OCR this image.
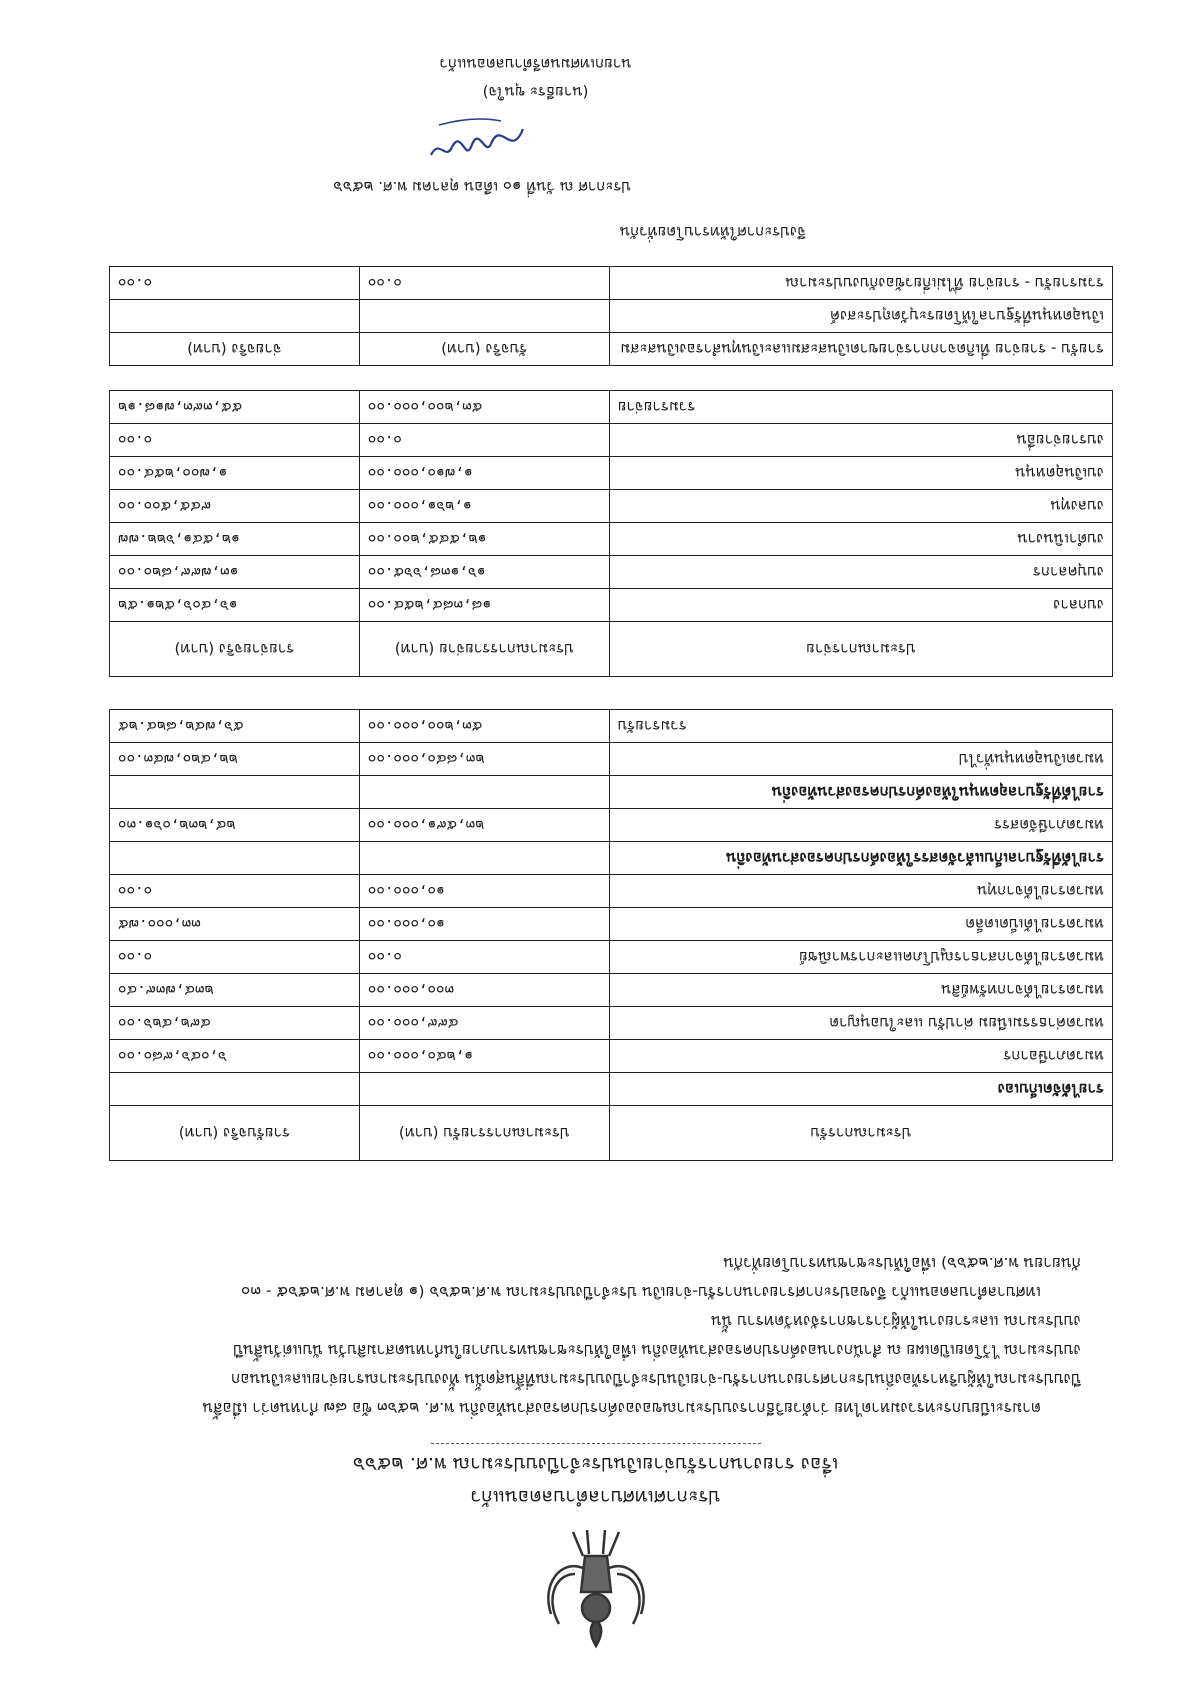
ประกาศเทศบาลตำบลดอนแก้ว
เรื่อง รายงานการรับจ่ายเงินประจำปีงบประมาณ พ.ศ. ๒๕๖๖

ตามระเบียบกระทรวงมหาดไทย ว่าด้วยวิธีการงบประมาณขององค์กรปกครองส่วนท้องถิ่น พ.ศ. ๒๕๖๓ ข้อ ๘๗ กำหนดว่า เมื่อสิ้น

ปีงบประมาณให้ผู้บริหารท้องถิ่นประกาศรายงานการรับ-จ่ายเงินประจำปีงบประมาณที่สิ้นสุดนั้น ทั้งงบประมาณรายจ่ายและเงินนอก

งบประมาณ ไว้โดยเปิดเผย ณ สำนักงานองค์กรปกครองส่วนท้องถิ่น เพื่อให้ประชาชนทราบภายในกำหนดสามสิบวัน นับแต่วันสิ้นปี

งบประมาณ และรายงานให้ผู้ว่าราชการจังหวัดทราบ นั้น

เทศบาลตำบลดอนแก้ว จึงขอประกาศรายงานการรับ-จ่ายเงิน ประจำปีงบประมาณ พ.ศ.๒๕๖๖ (๑ ตุลาคม พ.ศ.๒๕๖๕ - ๓๐

กันยายน พ.ศ.๒๕๖๖) เพื่อให้ประชาชนทราบโดยทั่วกัน

ประมาณการรับ	ประมาณการรายรับ (บาท)	รายรับจริง (บาท)
รายได้จัดเก็บเอง		
หมวดภาษีอากร	๑,๒๔๐,๐๐๐.๐๐	๖,๐๔๖,๙๘๐.๐๐
หมวดค่าธรรมเนียม ค่าปรับ และใบอนุญาต	๔๙๙,๐๐๐.๐๐	๔๙๒,๔๒๖.๐๐
หมวดรายได้จากทรัพย์สิน	๓๐๐,๐๐๐.๐๐	๒๓๔,๗๓๙.๔๐
หมวดรายได้จากสาธารณูปโภคและการพาณิชย์	๐.๐๐	๐.๐๐
หมวดรายได้เบ็ดเตล็ด	๑๐,๐๐๐.๐๐	๓๓,๐๐๐.๗๕
หมวดรายได้จากทุน	๑๐,๐๐๐.๐๐	๐.๐๐
รายได้ที่รัฐบาลเก็บแล้วจัดสรรให้องค์กรปกครองส่วนท้องถิ่น		
หมวดภาษีจัดสรร	๒๓,๕๙๑,๐๐๐.๐๐	๒๔,๒๓๒,๐๖๑.๓๐
รายได้ที่รัฐบาลอุดหนุนให้องค์กรปกครองส่วนท้องถิ่น		
หมวดเงินอุดหนุนทั่วไป	๒๓,๘๔๐,๐๐๐.๐๐	๒๒,๔๒๐,๗๔๓.๐๐
รวมรายรับ	๕๓,๒๐๐,๐๐๐.๐๐	๕๖,๗๔๒,๘๒๔.๒๕
ประมาณการจ่าย	ประมาณการรายจ่าย (บาท)	รายจ่ายจริง (บาท)
งบกลาง	๑๘,๓๘๔,๒๕๔.๐๐	๑๖,๔๐๖,๕๒๑.๕๒
งบบุคลากร	๑๖,๑๓๘,๖๖๕.๐๐	๑๓,๗๙๙,๘๒๐.๐๐
งบดำเนินงาน	๑๒,๕๔๕,๒๐๐.๐๐	๑๒,๕๔๑,๖๒๒.๗๗
งบลงทุน	๑,๒๖๑,๐๐๐.๐๐	๙๔๕,๕๐๐.๐๐
งบเงินอุดหนุน	๑,๗๑๐,๐๐๐.๐๐	๑,๗๐๐,๒๕๔.๐๐
งบรายจ่ายอื่น	๐.๐๐	๐.๐๐
รวมรายจ่าย	๕๓,๒๐๐,๐๐๐.๐๐	๕๕,๓๙๓,๗๑๘.๑๒
รายรับ - รายจ่าย ที่เกิดจากการจ่ายขาดเงินสะสมและเงินทุนสำรองเงินสะสม	รับจริง (บาท)	จ่ายจริง (บาท)
เงินอุดหนุนที่รัฐบาลให้โดยระบุวัตถุประสงค์		
รวมรายรับ - รายจ่าย ที่ไม่เกี่ยวข้องกับงบประมาณ	๐.๐๐	๐.๐๐
จึงประกาศให้ทราบโดยทั่วกัน
ประกาศ ณ วันที่ ๑๐ เดือน ตุลาคม พ.ศ. ๒๕๖๖
(นายธีระ ขุนใจ)
นายกเทศมนตรีตำบลดอนแก้ว
